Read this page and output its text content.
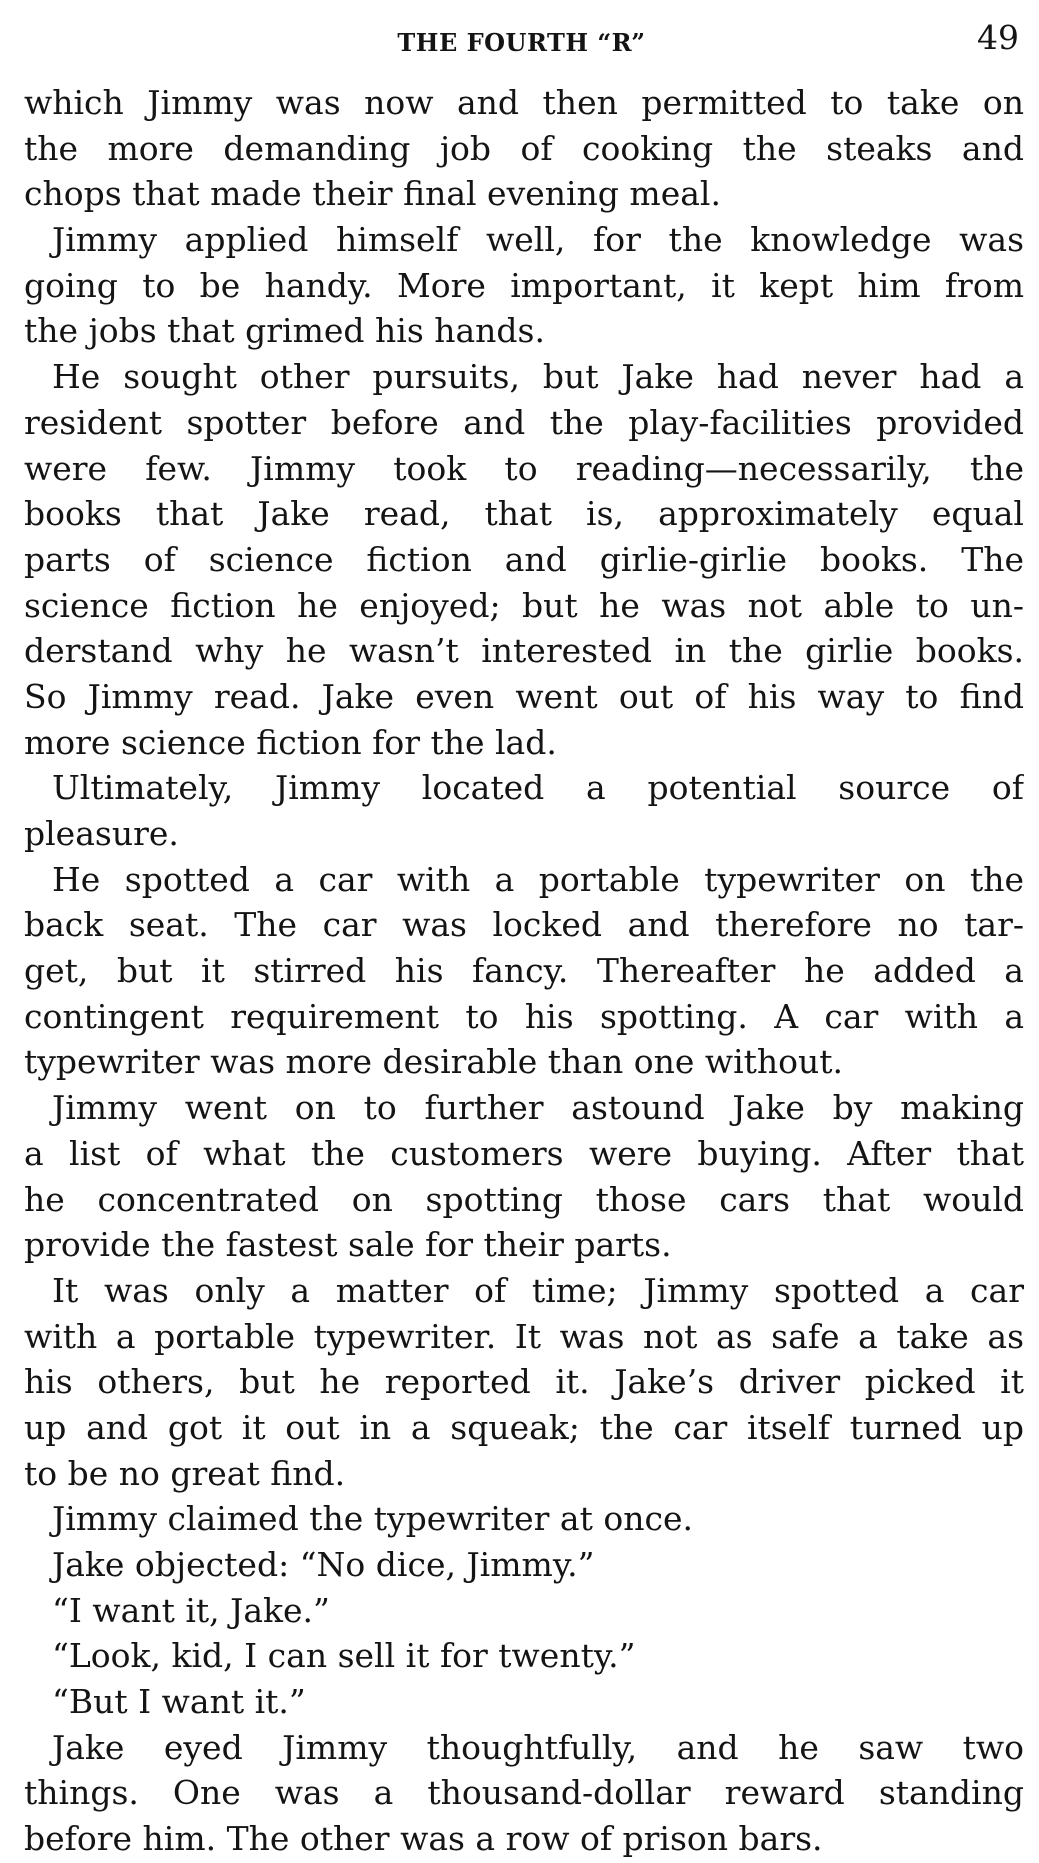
THE FOURTH “R”	49
which Jimmy was now and then permitted to take on
the more demanding job of cooking the steaks and
chops that made their final evening meal.
Jimmy applied himself well, for the knowledge was
going to be handy. More important, it kept him from
the jobs that grimed his hands.
He sought other pursuits, but Jake had never had a
resident spotter before and the play-facilities provided
were few. Jimmy took to reading—necessarily, the
books that Jake read, that is, approximately equal
parts of science fiction and girlie-girlie books. The
science fiction he enjoyed; but he was not able to un-
derstand why he wasn’t interested in the girlie books.
So Jimmy read. Jake even went out of his way to find
more science fiction for the lad.
Ultimately, Jimmy located a potential source of
pleasure.
He spotted a car with a portable typewriter on the
back seat. The car was locked and therefore no tar-
get, but it stirred his fancy. Thereafter he added a
contingent requirement to his spotting. A car with a
typewriter was more desirable than one without.
Jimmy went on to further astound Jake by making
a list of what the customers were buying. After that
he concentrated on spotting those cars that would
provide the fastest sale for their parts.
It was only a matter of time; Jimmy spotted a car
with a portable typewriter. It was not as safe a take as
his others, but he reported it. Jake’s driver picked it
up and got it out in a squeak; the car itself turned up
to be no great find.
Jimmy claimed the typewriter at once.
Jake objected: “No dice, Jimmy.”
“I want it, Jake.”
“Look, kid, I can sell it for twenty.”
“But I want it.”
Jake eyed Jimmy thoughtfully, and he saw two
things. One was a thousand-dollar reward standing
before him. The other was a row of prison bars.
